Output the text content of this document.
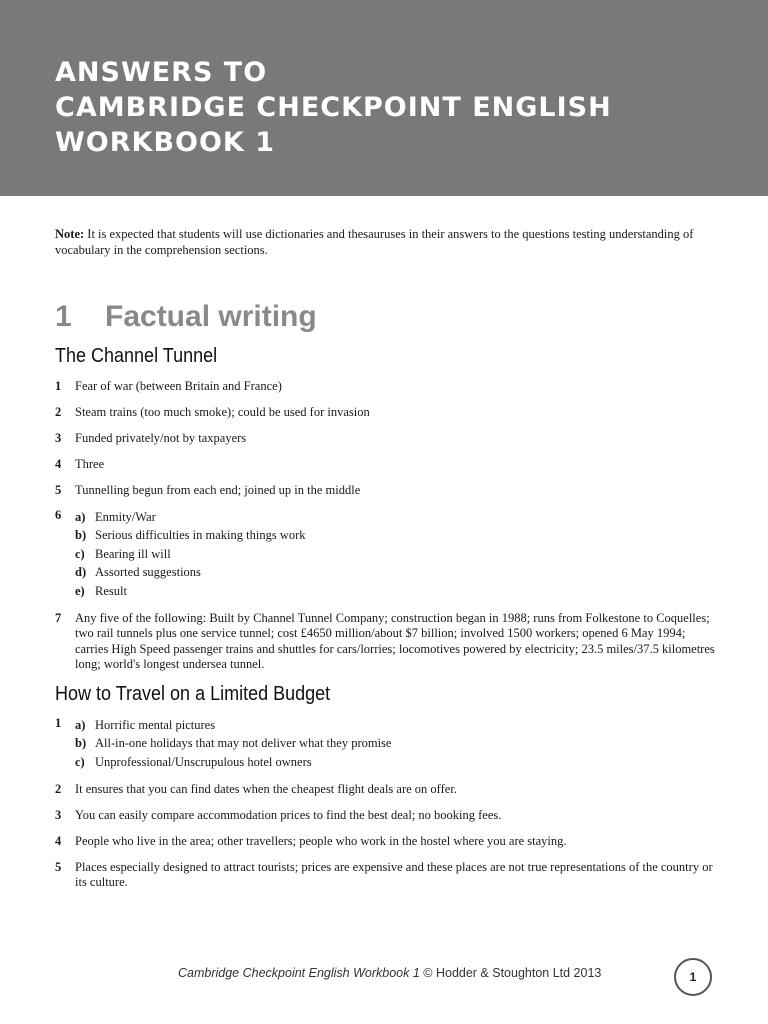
ANSWERS TO
CAMBRIDGE CHECKPOINT ENGLISH
WORKBOOK 1

Note: It is expected that students will use dictionaries and thesauruses in their answers to the questions testing understanding of vocabulary in the comprehension sections.

1 Factual writing
The Channel Tunnel
1 Fear of war (between Britain and France)
2 Steam trains (too much smoke); could be used for invasion
3 Funded privately/not by taxpayers
4 Three
5 Tunnelling begun from each end; joined up in the middle
6 a) Enmity/War
b) Serious difficulties in making things work
c) Bearing ill will
d) Assorted suggestions
e) Result
7 Any five of the following: Built by Channel Tunnel Company; construction began in 1988; runs from Folkestone to Coquelles; two rail tunnels plus one service tunnel; cost £4650 million/about $7 billion; involved 1500 workers; opened 6 May 1994; carries High Speed passenger trains and shuttles for cars/lorries; locomotives powered by electricity; 23.5 miles/37.5 kilometres long; world's longest undersea tunnel.
How to Travel on a Limited Budget
1 a) Horrific mental pictures
b) All-in-one holidays that may not deliver what they promise
c) Unprofessional/Unscrupulous hotel owners
2 It ensures that you can find dates when the cheapest flight deals are on offer.
3 You can easily compare accommodation prices to find the best deal; no booking fees.
4 People who live in the area; other travellers; people who work in the hostel where you are staying.
5 Places especially designed to attract tourists; prices are expensive and these places are not true representations of the country or its culture.
Cambridge Checkpoint English Workbook 1 © Hodder & Stoughton Ltd 2013	1
